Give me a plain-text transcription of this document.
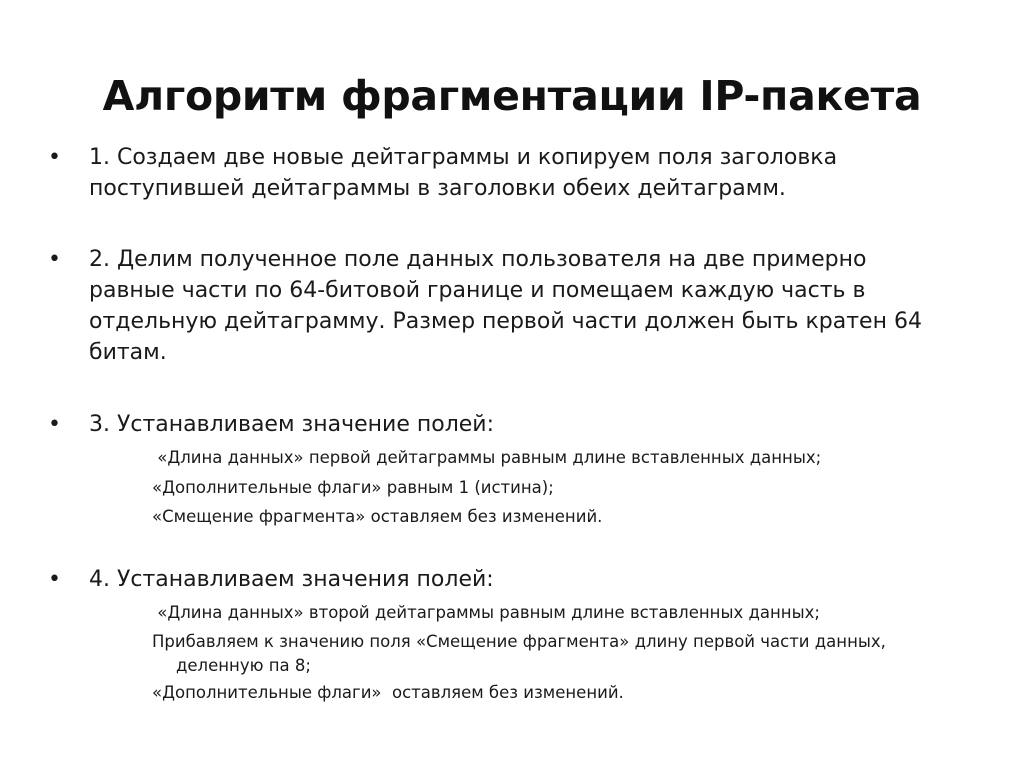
Алгоритм фрагментации IP-пакета
•	1. Создаем две новые дейтаграммы и копируем поля заголовка поступившей дейтаграммы в заголовки обеих дейтаграмм.
•	2. Делим полученное поле данных пользователя на две примерно равные части по 64-битовой границе и помещаем каждую часть в отдельную дейтаграмму. Размер первой части должен быть кратен 64 битам.
•	3. Устанавливаем значение полей:
«Длина данных» первой дейтаграммы равным длине вставленных данных;
«Дополнительные флаги» равным 1 (истина);
«Смещение фрагмента» оставляем без изменений.
•	4. Устанавливаем значения полей:
«Длина данных» второй дейтаграммы равным длине вставленных данных;
Прибавляем к значению поля «Смещение фрагмента» длину первой части данных, деленную па 8;
«Дополнительные флаги»  оставляем без изменений.
